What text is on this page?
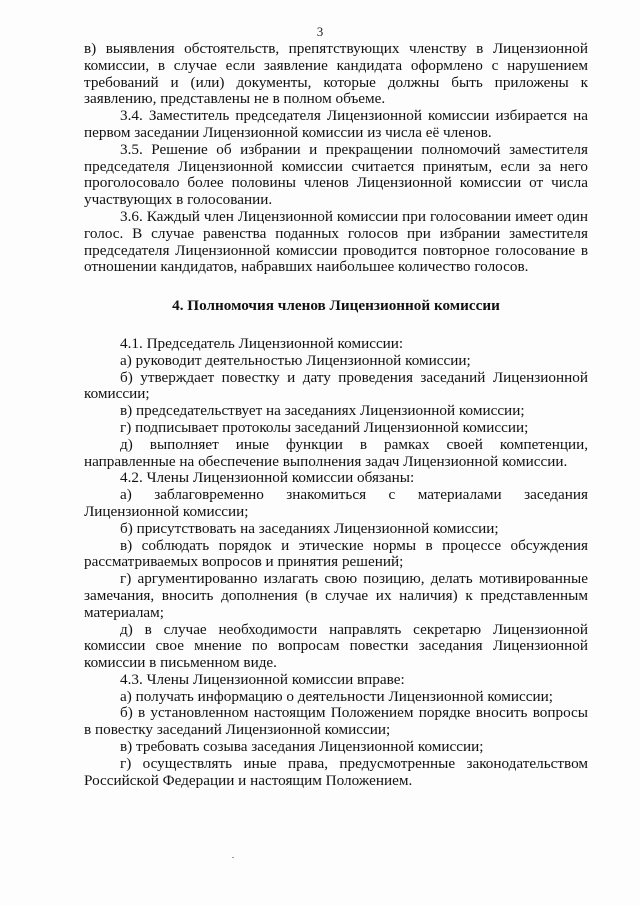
3

в) выявления обстоятельств, препятствующих членству в Лицензионной комиссии, в случае если заявление кандидата оформлено с нарушением требований и (или) документы, которые должны быть приложены к заявлению, представлены не в полном объеме.

3.4. Заместитель председателя Лицензионной комиссии избирается на первом заседании Лицензионной комиссии из числа её членов.

3.5. Решение об избрании и прекращении полномочий заместителя председателя Лицензионной комиссии считается принятым, если за него проголосовало более половины членов Лицензионной комиссии от числа участвующих в голосовании.

3.6. Каждый член Лицензионной комиссии при голосовании имеет один голос. В случае равенства поданных голосов при избрании заместителя председателя Лицензионной комиссии проводится повторное голосование в отношении кандидатов, набравших наибольшее количество голосов.

4. Полномочия членов Лицензионной комиссии

4.1. Председатель Лицензионной комиссии:

а) руководит деятельностью Лицензионной комиссии;

б) утверждает повестку и дату проведения заседаний Лицензионной комиссии;

в) председательствует на заседаниях Лицензионной комиссии;

г) подписывает протоколы заседаний Лицензионной комиссии;

д) выполняет иные функции в рамках своей компетенции, направленные на обеспечение выполнения задач Лицензионной комиссии.

4.2. Члены Лицензионной комиссии обязаны:

а) заблаговременно знакомиться с материалами заседания Лицензионной комиссии;

б) присутствовать на заседаниях Лицензионной комиссии;

в) соблюдать порядок и этические нормы в процессе обсуждения рассматриваемых вопросов и принятия решений;

г) аргументированно излагать свою позицию, делать мотивированные замечания, вносить дополнения (в случае их наличия) к представленным материалам;

д) в случае необходимости направлять секретарю Лицензионной комиссии свое мнение по вопросам повестки заседания Лицензионной комиссии в письменном виде.

4.3. Члены Лицензионной комиссии вправе:

а) получать информацию о деятельности Лицензионной комиссии;

б) в установленном настоящим Положением порядке вносить вопросы в повестку заседаний Лицензионной комиссии;

в) требовать созыва заседания Лицензионной комиссии;

г) осуществлять иные права, предусмотренные законодательством Российской Федерации и настоящим Положением.
